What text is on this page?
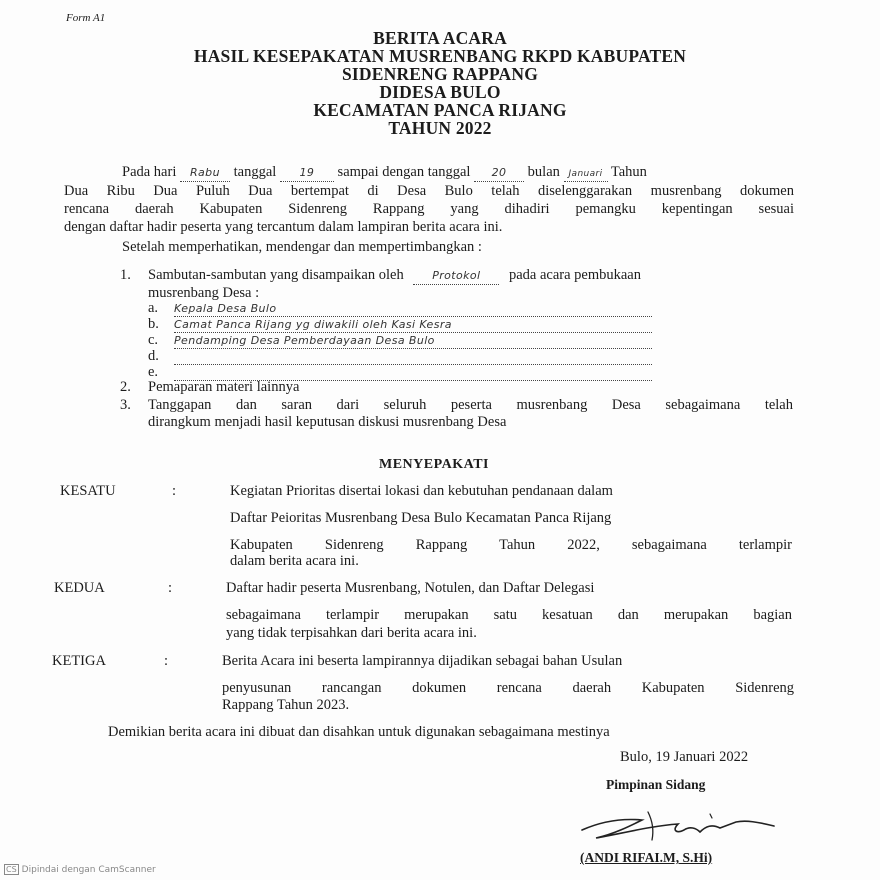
Form A1
BERITA ACARA
HASIL KESEPAKATAN MUSRENBANG RKPD KABUPATEN
SIDENRENG RAPPANG
DIDESA BULO
KECAMATAN PANCA RIJANG
TAHUN 2022
Pada hari Rabu tanggal 19 sampai dengan tanggal 20 bulan Januari Tahun
Dua Ribu Dua Puluh Dua bertempat di Desa Bulo telah diselenggarakan musrenbang dokumen
rencana daerah Kabupaten Sidenreng Rappang yang dihadiri pemangku kepentingan sesuai
dengan daftar hadir peserta yang tercantum dalam lampiran berita acara ini.
Setelah memperhatikan, mendengar dan mempertimbangkan :
1. Sambutan-sambutan yang disampaikan oleh	Protokol pada acara pembukaan
musrenbang Desa :
a. Kepala Desa Bulo
b. Camat Panca Rijang yg diwakili oleh Kasi Kesra
c. Pendamping Desa Pemberdayaan Desa Bulo
d.
e.
2. Pemaparan materi lainnya
3. Tanggapan dan saran dari seluruh peserta musrenbang Desa sebagaimana telah
dirangkum menjadi hasil keputusan diskusi musrenbang Desa
MENYEPAKATI
KESATU	:	Kegiatan Prioritas disertai lokasi dan kebutuhan pendanaan dalam
Daftar Peioritas Musrenbang Desa Bulo Kecamatan Panca Rijang
Kabupaten Sidenreng Rappang Tahun 2022, sebagaimana terlampir
dalam berita acara ini.
KEDUA	:	Daftar hadir peserta Musrenbang, Notulen, dan Daftar Delegasi
sebagaimana terlampir merupakan satu kesatuan dan merupakan bagian
yang tidak terpisahkan dari berita acara ini.
KETIGA	:	Berita Acara ini beserta lampirannya dijadikan sebagai bahan Usulan
penyusunan rancangan dokumen rencana daerah Kabupaten Sidenreng
Rappang Tahun 2023.
Demikian berita acara ini dibuat dan disahkan untuk digunakan sebagaimana mestinya
Bulo, 19 Januari 2022
Pimpinan Sidang
(ANDI RIFAI.M, S.Hi)
CS Dipindai dengan CamScanner
